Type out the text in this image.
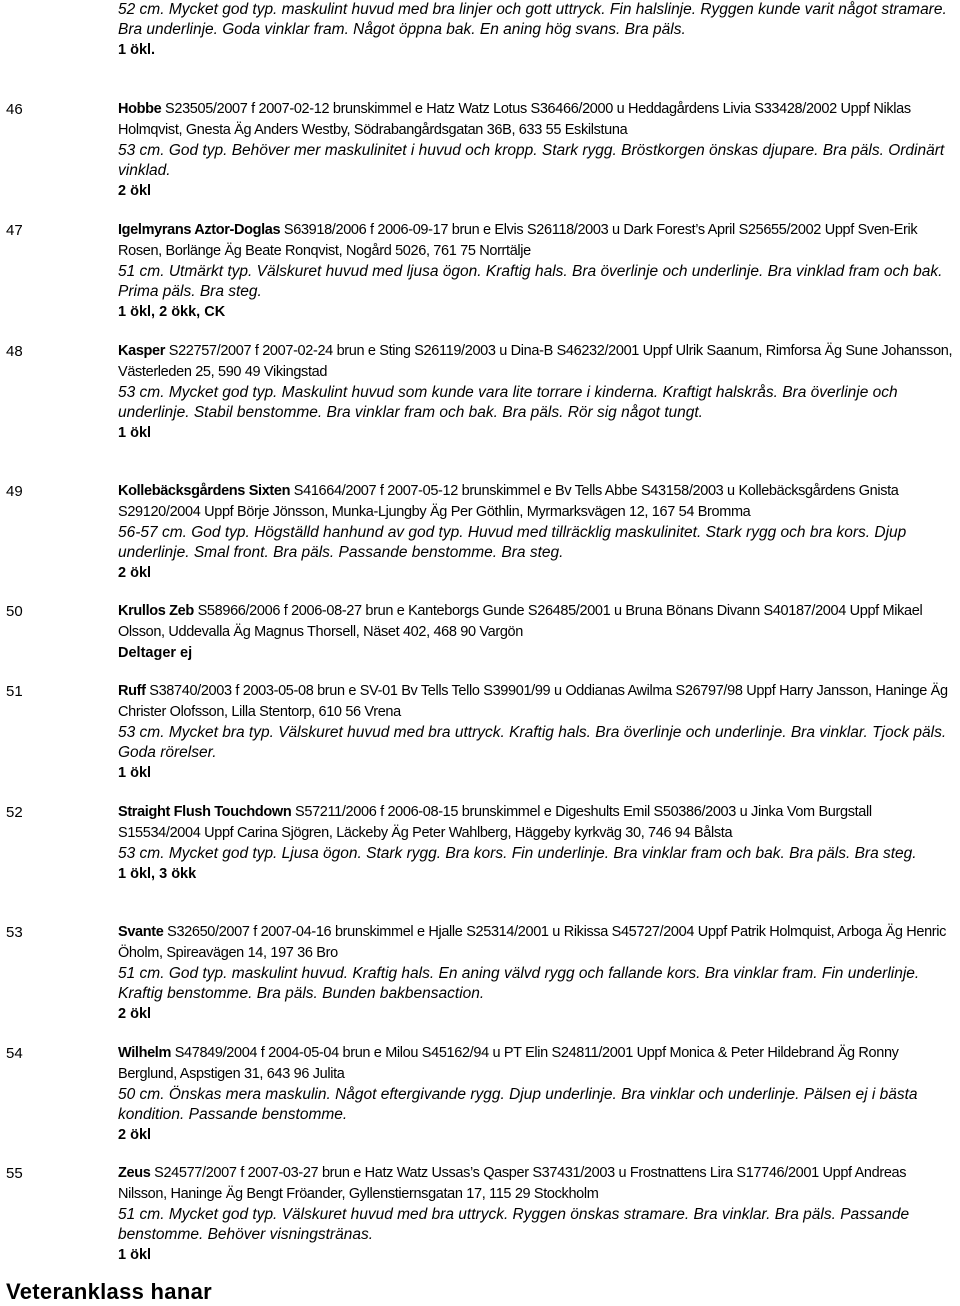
52 cm. Mycket god typ. maskulint huvud med bra linjer och gott uttryck. Fin halslinje. Ryggen kunde varit något stramare. Bra underlinje. Goda vinklar fram. Något öppna bak. En aning hög svans. Bra päls.

1 ökl.

46	Hobbe S23505/2007 f 2007-02-12 brunskimmel e Hatz Watz Lotus S36466/2000 u Heddagårdens Livia S33428/2002 Uppf Niklas Holmqvist, Gnesta Äg Anders Westby, Södrabangårdsgatan 36B, 633 55 Eskilstuna

53 cm. God typ. Behöver mer maskulinitet i huvud och kropp. Stark rygg. Bröstkorgen önskas djupare. Bra päls. Ordinärt vinklad.

2 ökl

47	Igelmyrans Aztor-Doglas S63918/2006 f 2006-09-17 brun e Elvis S26118/2003 u Dark Forest’s April S25655/2002 Uppf Sven-Erik Rosen, Borlänge Äg Beate Ronqvist, Nogård 5026, 761 75 Norrtälje

51 cm. Utmärkt typ. Välskuret huvud med ljusa ögon. Kraftig hals. Bra överlinje och underlinje. Bra vinklad fram och bak. Prima päls. Bra steg.

1 ökl, 2 ökk, CK

48	Kasper S22757/2007 f 2007-02-24 brun e Sting S26119/2003 u Dina-B S46232/2001 Uppf Ulrik Saanum, Rimforsa Äg Sune Johansson, Västerleden 25, 590 49 Vikingstad

53 cm. Mycket god typ. Maskulint huvud som kunde vara lite torrare i kinderna. Kraftigt halskrås. Bra överlinje och underlinje. Stabil benstomme. Bra vinklar fram och bak. Bra päls. Rör sig något tungt.

1 ökl

49	Kollebäcksgårdens Sixten S41664/2007 f 2007-05-12 brunskimmel e Bv Tells Abbe S43158/2003 u Kollebäcksgårdens Gnista S29120/2004 Uppf Börje Jönsson, Munka-Ljungby Äg Per Göthlin, Myrmarksvägen 12, 167 54 Bromma

56-57 cm. God typ. Högställd hanhund av god typ. Huvud med tillräcklig maskulinitet. Stark rygg och bra kors. Djup underlinje. Smal front. Bra päls. Passande benstomme. Bra steg.

2 ökl

50	Krullos Zeb S58966/2006 f 2006-08-27 brun e Kanteborgs Gunde S26485/2001 u Bruna Bönans Divann S40187/2004 Uppf Mikael Olsson, Uddevalla Äg Magnus Thorsell, Näset 402, 468 90 Vargön

Deltager ej

51	Ruff S38740/2003 f 2003-05-08 brun e SV-01 Bv Tells Tello S39901/99 u Oddianas Awilma S26797/98 Uppf Harry Jansson, Haninge Äg Christer Olofsson, Lilla Stentorp, 610 56 Vrena

53 cm. Mycket bra typ. Välskuret huvud med bra uttryck. Kraftig hals. Bra överlinje och underlinje. Bra vinklar. Tjock päls. Goda rörelser.

1 ökl

52	Straight Flush Touchdown S57211/2006 f 2006-08-15 brunskimmel e Digeshults Emil S50386/2003 u Jinka Vom Burgstall S15534/2004 Uppf Carina Sjögren, Läckeby Äg Peter Wahlberg, Häggeby kyrkväg 30, 746 94 Bålsta

53 cm. Mycket god typ. Ljusa ögon. Stark rygg. Bra kors. Fin underlinje. Bra vinklar fram och bak. Bra päls. Bra steg.

1 ökl, 3 ökk

53	Svante S32650/2007 f 2007-04-16 brunskimmel e Hjalle S25314/2001 u Rikissa S45727/2004 Uppf Patrik Holmquist, Arboga Äg Henric Öholm, Spireavägen 14, 197 36 Bro

51 cm. God typ. maskulint huvud. Kraftig hals. En aning välvd rygg och fallande kors. Bra vinklar fram. Fin underlinje. Kraftig benstomme. Bra päls. Bunden bakbensaction.

2 ökl

54	Wilhelm S47849/2004 f 2004-05-04 brun e Milou S45162/94 u PT Elin S24811/2001 Uppf Monica & Peter Hildebrand Äg Ronny Berglund, Aspstigen 31, 643 96 Julita

50 cm. Önskas mera maskulin. Något eftergivande rygg. Djup underlinje. Bra vinklar och underlinje. Pälsen ej i bästa kondition. Passande benstomme.

2 ökl

55	Zeus S24577/2007 f 2007-03-27 brun e Hatz Watz Ussas’s Qasper S37431/2003 u Frostnattens Lira S17746/2001 Uppf Andreas Nilsson, Haninge Äg Bengt Fröander, Gyllenstiernsgatan 17, 115 29 Stockholm

51 cm. Mycket god typ. Välskuret huvud med bra uttryck. Ryggen önskas stramare. Bra vinklar. Bra päls. Passande benstomme. Behöver visningstränas.

1 ökl

Veteranklass hanar
